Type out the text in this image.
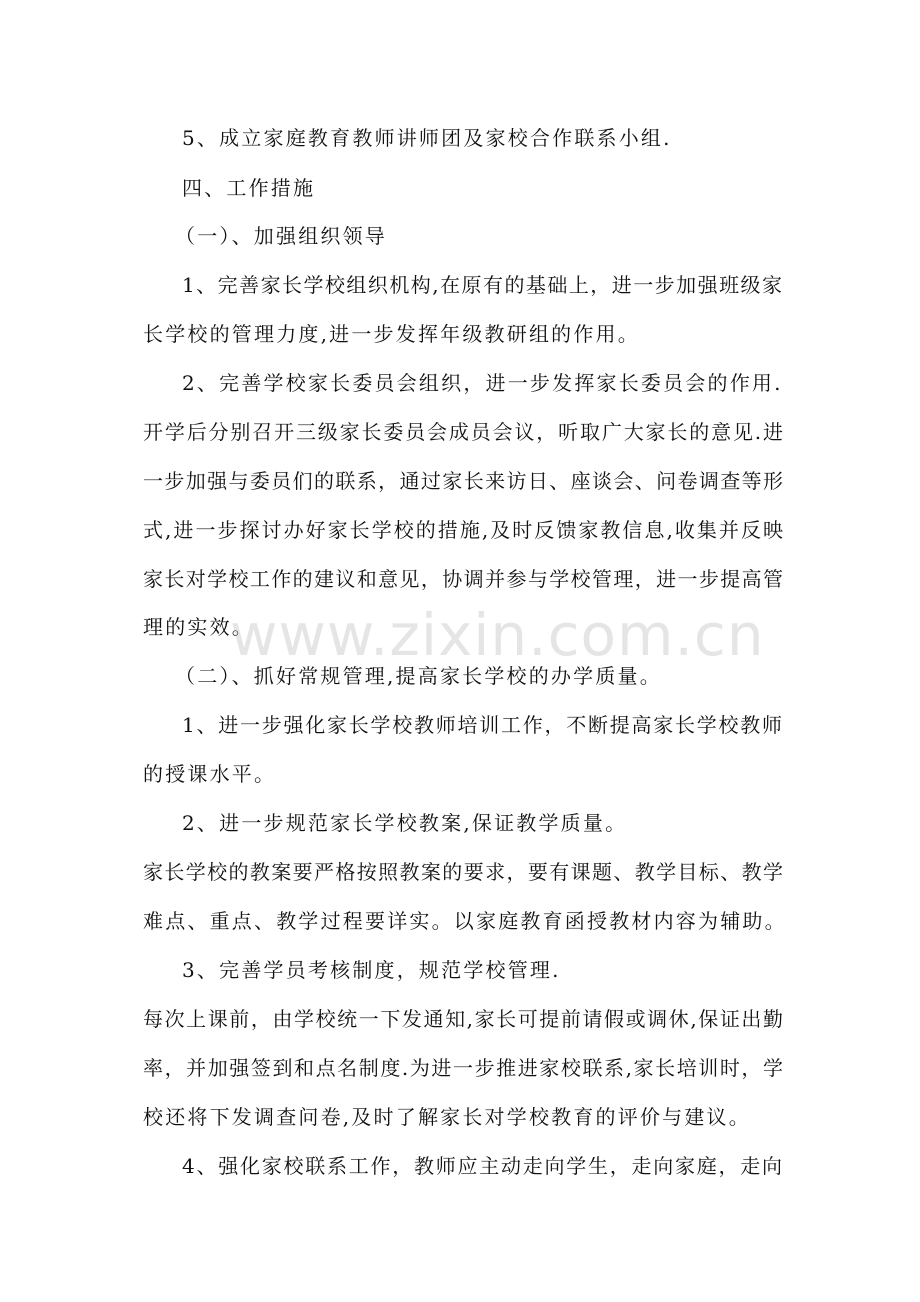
5、成立家庭教育教师讲师团及家校合作联系小组.
四、工作措施
（一）、加强组织领导
1、完善家长学校组织机构,在原有的基础上，进一步加强班级家
长学校的管理力度,进一步发挥年级教研组的作用。
2、完善学校家长委员会组织，进一步发挥家长委员会的作用.
开学后分别召开三级家长委员会成员会议，听取广大家长的意见.进
一步加强与委员们的联系，通过家长来访日、座谈会、问卷调查等形
式,进一步探讨办好家长学校的措施,及时反馈家教信息,收集并反映
家长对学校工作的建议和意见，协调并参与学校管理，进一步提高管
理的实效。
（二）、抓好常规管理,提高家长学校的办学质量。
1、进一步强化家长学校教师培训工作，不断提高家长学校教师
的授课水平。
2、进一步规范家长学校教案,保证教学质量。
家长学校的教案要严格按照教案的要求，要有课题、教学目标、教学
难点、重点、教学过程要详实。以家庭教育函授教材内容为辅助。
3、完善学员考核制度，规范学校管理.
每次上课前，由学校统一下发通知,家长可提前请假或调休,保证出勤
率，并加强签到和点名制度.为进一步推进家校联系,家长培训时，学
校还将下发调查问卷,及时了解家长对学校教育的评价与建议。
4、强化家校联系工作，教师应主动走向学生，走向家庭，走向
www.zixin.com.cn
